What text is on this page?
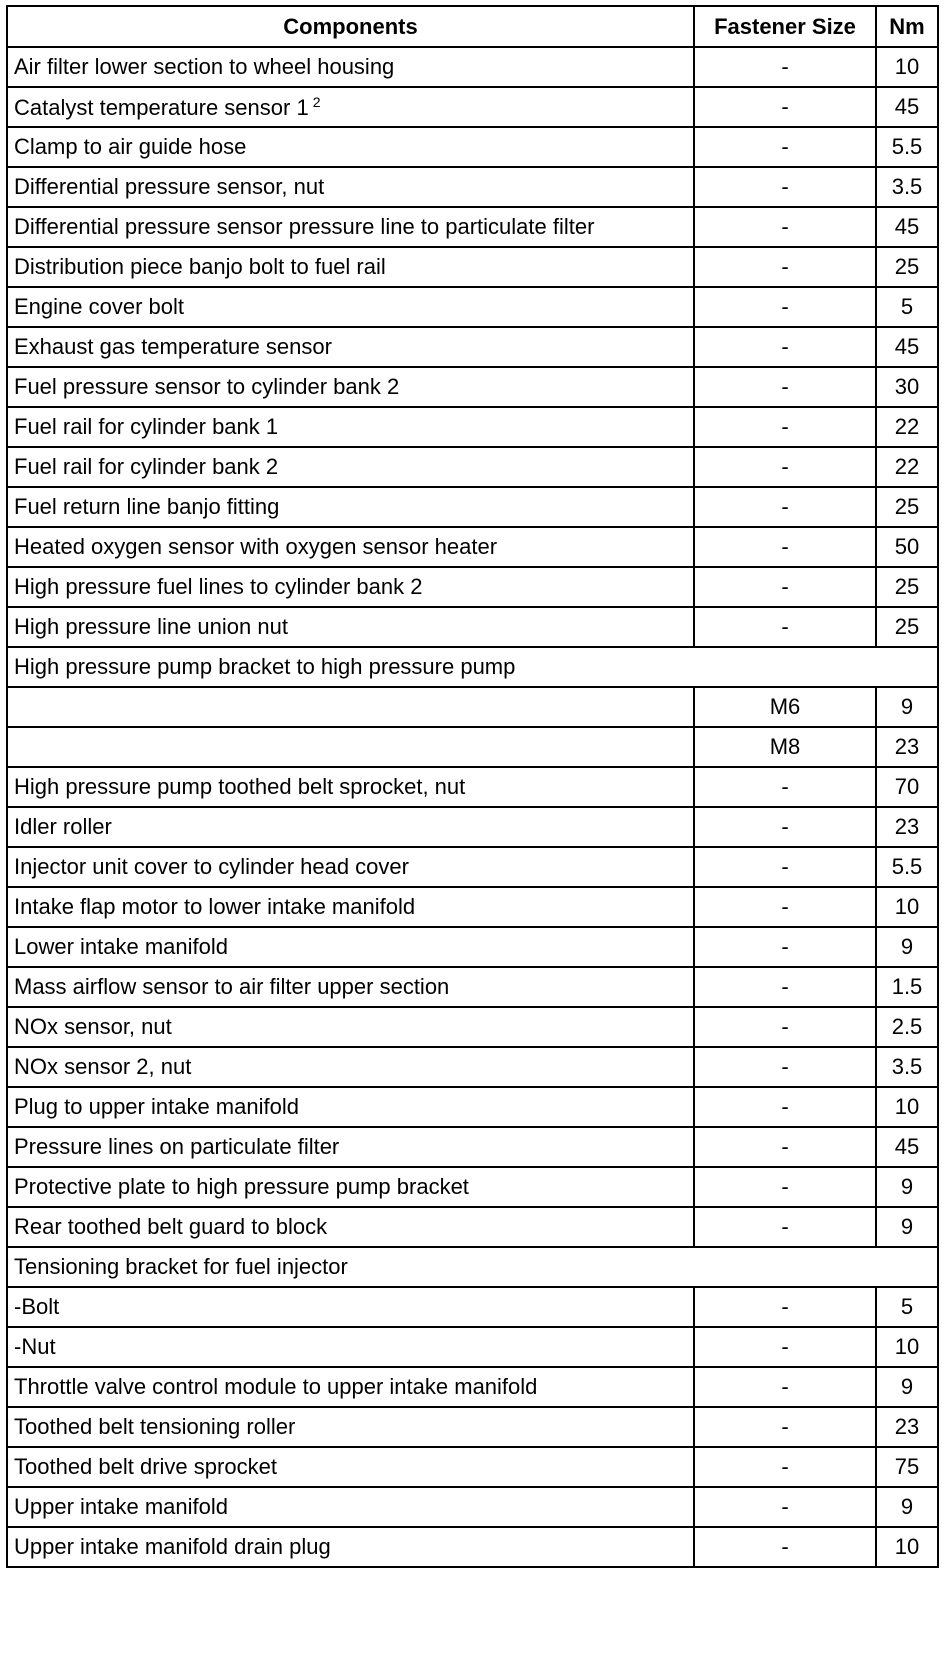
Components	Fastener Size	Nm
Air filter lower section to wheel housing	-	10
Catalyst temperature sensor 1 $^2$	-	45
Clamp to air guide hose	-	5.5
Differential pressure sensor, nut	-	3.5
Differential pressure sensor pressure line to particulate filter	-	45
Distribution piece banjo bolt to fuel rail	-	25
Engine cover bolt	-	5
Exhaust gas temperature sensor	-	45
Fuel pressure sensor to cylinder bank 2	-	30
Fuel rail for cylinder bank 1	-	22
Fuel rail for cylinder bank 2	-	22
Fuel return line banjo fitting	-	25
Heated oxygen sensor with oxygen sensor heater	-	50
High pressure fuel lines to cylinder bank 2	-	25
High pressure line union nut	-	25
High pressure pump bracket to high pressure pump		
	M6	9
	M8	23
High pressure pump toothed belt sprocket, nut	-	70
Idler roller	-	23
Injector unit cover to cylinder head cover	-	5.5
Intake flap motor to lower intake manifold	-	10
Lower intake manifold	-	9
Mass airflow sensor to air filter upper section	-	1.5
NOx sensor, nut	-	2.5
NOx sensor 2, nut	-	3.5
Plug to upper intake manifold	-	10
Pressure lines on particulate filter	-	45
Protective plate to high pressure pump bracket	-	9
Rear toothed belt guard to block	-	9
Tensioning bracket for fuel injector		
-Bolt	-	5
-Nut	-	10
Throttle valve control module to upper intake manifold	-	9
Toothed belt tensioning roller	-	23
Toothed belt drive sprocket	-	75
Upper intake manifold	-	9
Upper intake manifold drain plug	-	10
